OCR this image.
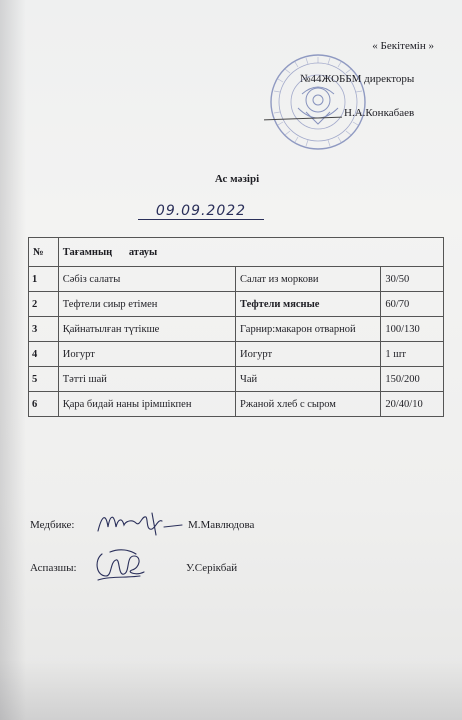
« Бекітемін »
№44ЖОББМ директоры
Н.А.Конкабаев
Ас мәзірі
09.09.2022
№	Тағамның атауы		
1	Сәбіз салаты	Салат из моркови	30/50
2	Тефтели сиыр етімен	Тефтели мясные	60/70
3	Қайнатылған түтікше	Гарнир:макарон отварной	100/130
4	Иогурт	Иогурт	1 шт
5	Тәтті шай	Чай	150/200
6	Қара бидай наны ірімшікпен	Ржаной хлеб с сыром	20/40/10
Медбике:	М.Мавлюдова
Аспазшы:	У.Серікбай
